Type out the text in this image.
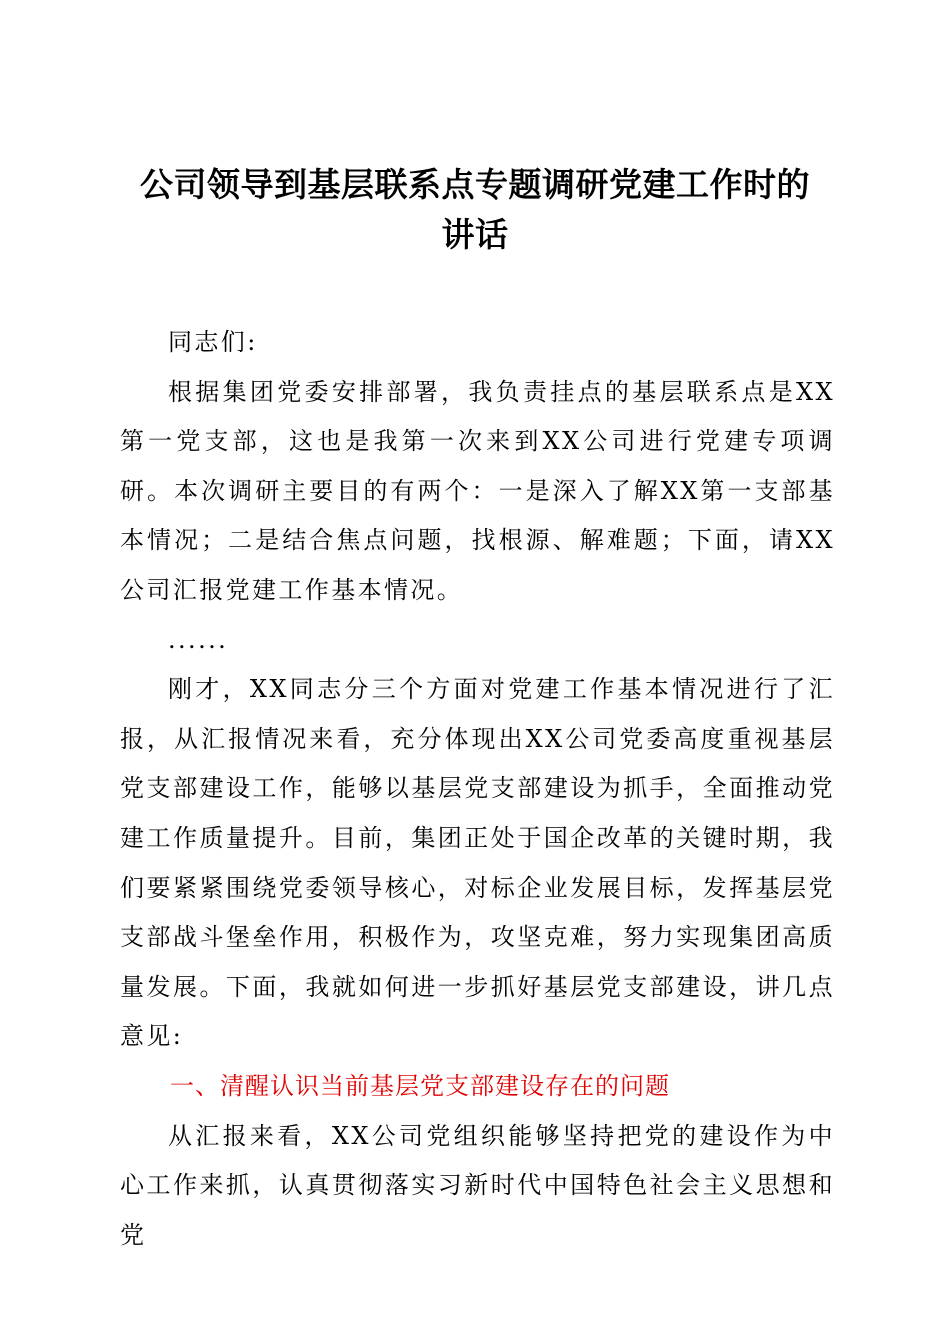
公司领导到基层联系点专题调研党建工作时的
讲话

同志们:

根据集团党委安排部署，我负责挂点的基层联系点是XX第一党支部，这也是我第一次来到XX公司进行党建专项调研。本次调研主要目的有两个：一是深入了解XX第一支部基本情况；二是结合焦点问题，找根源、解难题；下面，请XX公司汇报党建工作基本情况。

......

刚才，XX同志分三个方面对党建工作基本情况进行了汇报，从汇报情况来看，充分体现出XX公司党委高度重视基层党支部建设工作，能够以基层党支部建设为抓手，全面推动党建工作质量提升。目前，集团正处于国企改革的关键时期，我们要紧紧围绕党委领导核心，对标企业发展目标，发挥基层党支部战斗堡垒作用，积极作为，攻坚克难，努力实现集团高质量发展。下面，我就如何进一步抓好基层党支部建设，讲几点意见:

一、清醒认识当前基层党支部建设存在的问题

从汇报来看，XX公司党组织能够坚持把党的建设作为中心工作来抓，认真贯彻落实习新时代中国特色社会主义思想和党
